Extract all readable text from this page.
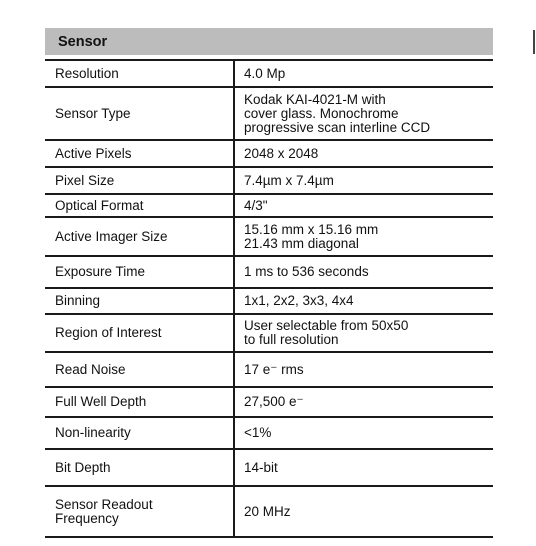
Sensor
Resolution	4.0 Mp
Sensor Type	Kodak KAI-4021-M with
cover glass. Monochrome
progressive scan interline CCD
Active Pixels	2048 x 2048
Pixel Size	7.4µm x 7.4µm
Optical Format	4/3"
Active Imager Size	15.16 mm x 15.16 mm
21.43 mm diagonal
Exposure Time	1 ms to 536 seconds
Binning	1x1, 2x2, 3x3, 4x4
Region of Interest	User selectable from 50x50
to full resolution
Read Noise	17 e⁻ rms
Full Well Depth	27,500 e⁻
Non-linearity	<1%
Bit Depth	14-bit
Sensor Readout
Frequency	20 MHz
